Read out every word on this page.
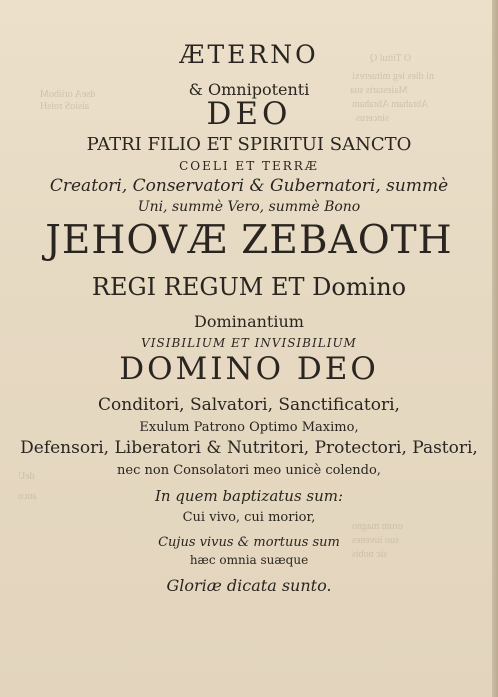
O Tittul Q
ni dies ieg mituerexi
Maiestaris sua
Abraham Abraham
sincerus
dseA oriiboM
aisioS roisH
deU
auco
orum magno
suo iuvenes
sic nobis
ÆTERNO
& Omnipotenti
DEO
PATRI FILIO ET SPIRITUI SANCTO
COELI ET TERRÆ
Creatori, Conservatori & Gubernatori, summè
Uni, summè Vero, summè Bono
JEHOVÆ ZEBAOTH
REGI REGUM ET Domino
Dominantium
VISIBILIUM ET INVISIBILIUM
DOMINO DEO
Conditori, Salvatori, Sanctificatori,
Exulum Patrono Optimo Maximo,
Defensori, Liberatori & Nutritori, Protectori, Pastori,
nec non Consolatori meo unicè colendo,
In quem baptizatus sum:
Cui vivo, cui morior,
Cujus vivus & mortuus sum
hæc omnia suæque
Gloriæ dicata sunto.
